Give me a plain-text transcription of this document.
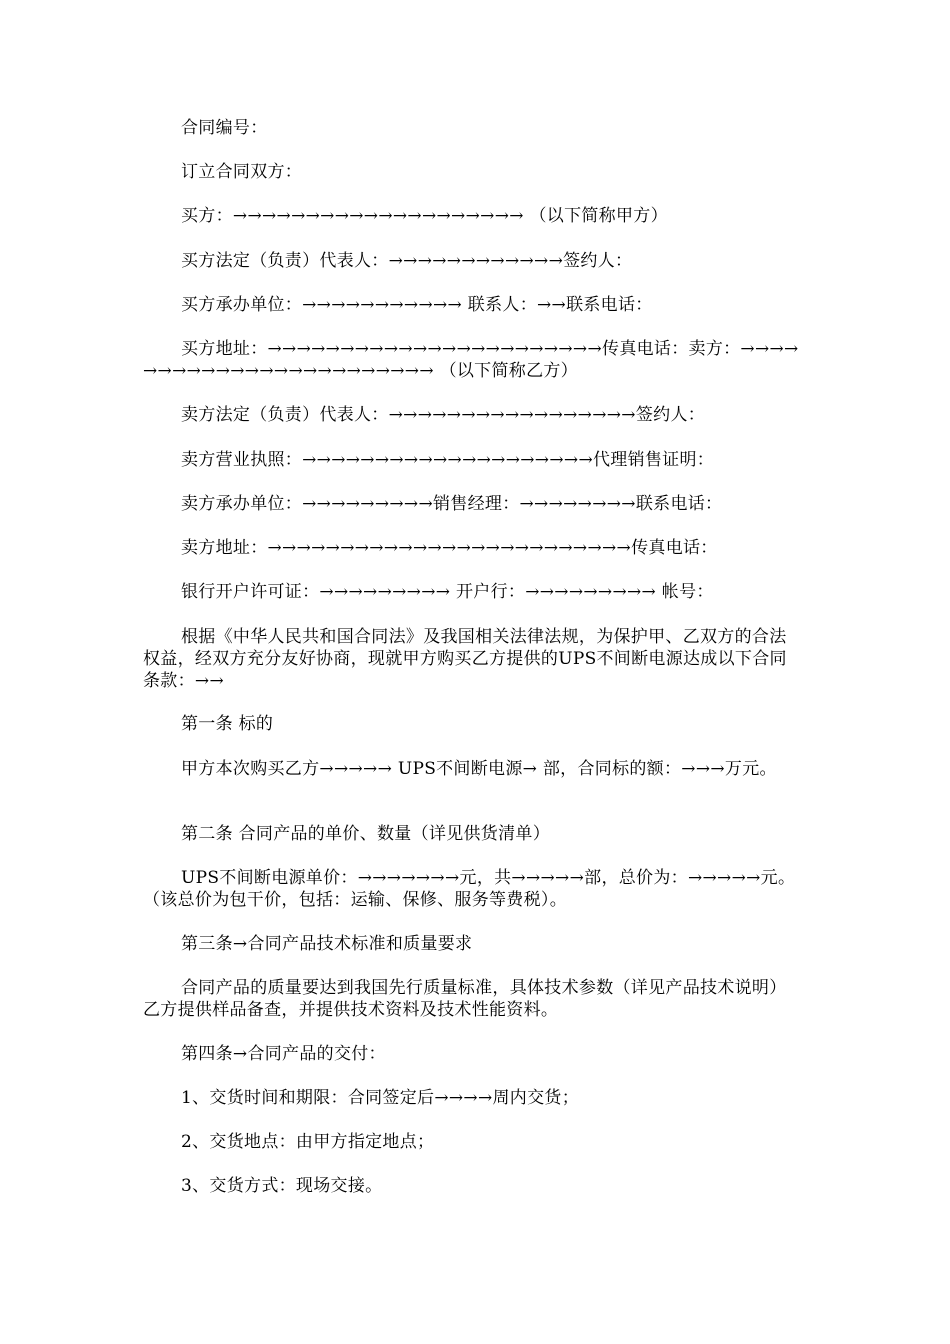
合同编号：

订立合同双方：

买方：→→→→→→→→→→→→→→→→→→→→ （以下简称甲方）

买方法定（负责）代表人：→→→→→→→→→→→→签约人：

买方承办单位：→→→→→→→→→→→ 联系人：→→联系电话：

买方地址：→→→→→→→→→→→→→→→→→→→→→→→传真电话：卖方：→→→→→→→→→→→→→→→→→→→→→→→→ （以下简称乙方）

卖方法定（负责）代表人：→→→→→→→→→→→→→→→→→签约人：

卖方营业执照：→→→→→→→→→→→→→→→→→→→→代理销售证明：

卖方承办单位：→→→→→→→→→销售经理：→→→→→→→→联系电话：

卖方地址：→→→→→→→→→→→→→→→→→→→→→→→→→传真电话：

银行开户许可证：→→→→→→→→→ 开户行：→→→→→→→→→ 帐号：

根据《中华人民共和国合同法》及我国相关法律法规，为保护甲、乙双方的合法权益，经双方充分友好协商，现就甲方购买乙方提供的UPS不间断电源达成以下合同条款：→→

第一条 标的

甲方本次购买乙方→→→→→ UPS不间断电源→ 部，合同标的额：→→→万元。

第二条 合同产品的单价、数量（详见供货清单）

UPS不间断电源单价：→→→→→→→元，共→→→→→部，总价为：→→→→→元。（该总价为包干价，包括：运输、保修、服务等费税）。

第三条→合同产品技术标准和质量要求

合同产品的质量要达到我国先行质量标准，具体技术参数（详见产品技术说明）乙方提供样品备查，并提供技术资料及技术性能资料。

第四条→合同产品的交付：

1、交货时间和期限：合同签定后→→→→周内交货；

2、交货地点：由甲方指定地点；

3、交货方式：现场交接。
